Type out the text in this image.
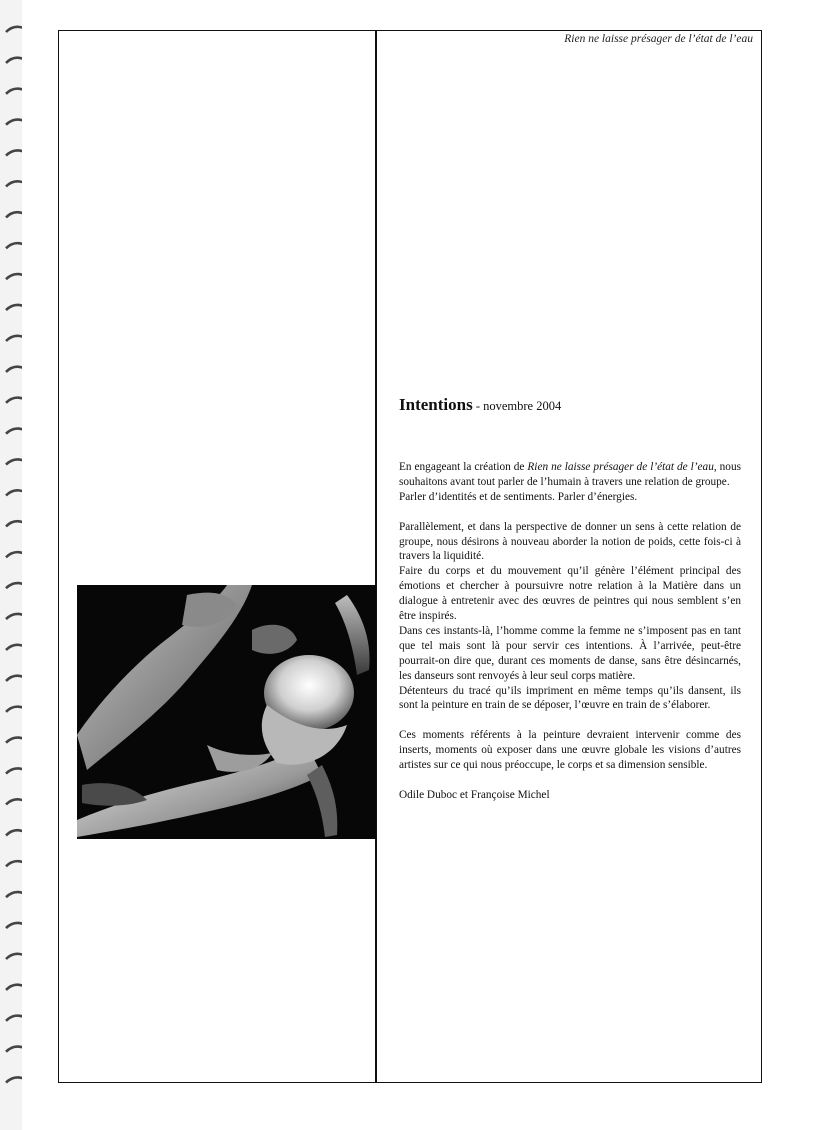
Rien ne laisse présager de l’état de l’eau
Intentions - novembre 2004

En engageant la création de Rien ne laisse présager de l’état de l’eau, nous souhaitons avant tout parler de l’humain à travers une relation de groupe.

Parler d’identités et de sentiments. Parler d’énergies.

Parallèlement, et dans la perspective de donner un sens à cette relation de groupe, nous désirons à nouveau aborder la notion de poids, cette fois-ci à travers la liquidité.

Faire du corps et du mouvement qu’il génère l’élément principal des émotions et chercher à poursuivre notre relation à la Matière dans un dialogue à entretenir avec des œuvres de peintres qui nous semblent s’en être inspirés.

Dans ces instants-là, l’homme comme la femme ne s’imposent pas en tant que tel mais sont là pour servir ces intentions. À l’arrivée, peut-être pourrait-on dire que, durant ces moments de danse, sans être désincarnés, les danseurs sont renvoyés à leur seul corps matière.

Détenteurs du tracé qu’ils impriment en même temps qu’ils dansent, ils sont la peinture en train de se déposer, l’œuvre en train de s’élaborer.

Ces moments référents à la peinture devraient intervenir comme des inserts, moments où exposer dans une œuvre globale les visions d’autres artistes sur ce qui nous préoccupe, le corps et sa dimension sensible.

Odile Duboc et Françoise Michel
